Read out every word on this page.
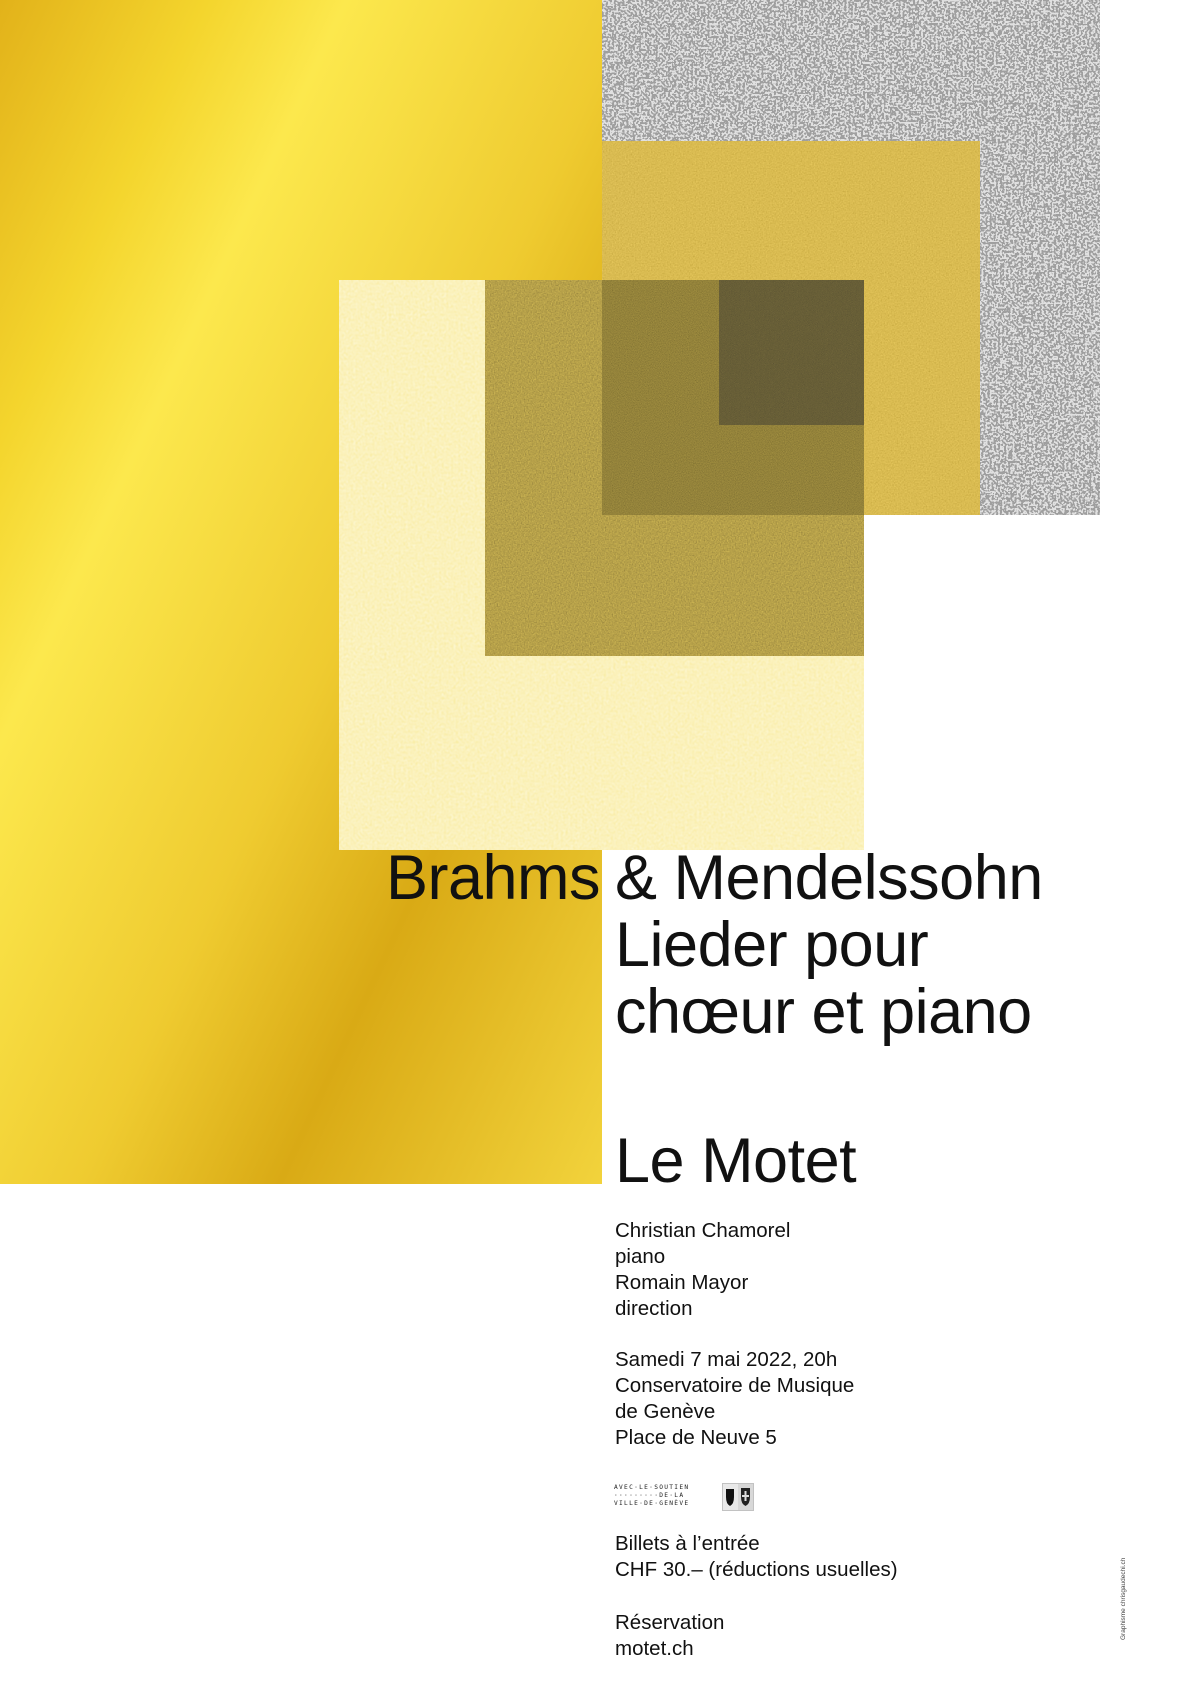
Brahms & Mendelssohn
Lieder pour
chœur et piano
Le Motet
Christian Chamorel
piano
Romain Mayor
direction
Samedi 7 mai 2022, 20h
Conservatoire de Musique
de Genève
Place de Neuve 5
AVEC·LE·SOUTIEN
·········DE·LA
VILLE·DE·GENÈVE
Billets à l’entrée
CHF 30.– (réductions usuelles)
Réservation
motet.ch
Graphisme chrisgaudechi.ch
